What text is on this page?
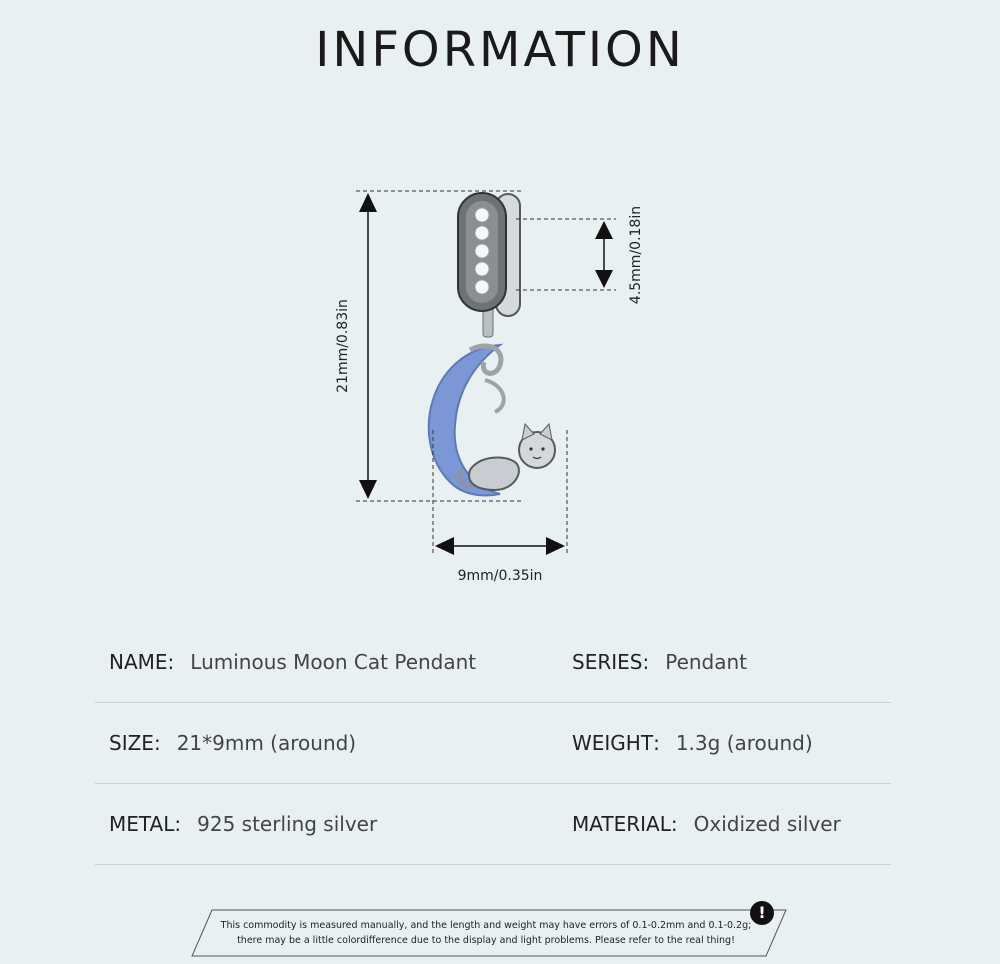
INFORMATION
21mm/0.83in
4.5mm/0.18in
9mm/0.35in
NAME : Luminous Moon Cat Pendant	SERIES : Pendant
SIZE : 21*9mm (around)	WEIGHT : 1.3g (around)
METAL : 925 sterling silver	MATERIAL : Oxidized silver
!
This commodity is measured manually, and the length and weight may have errors of 0.1-0.2mm and 0.1-0.2g;
there may be a little colordifference due to the display and light problems. Please refer to the real thing!
